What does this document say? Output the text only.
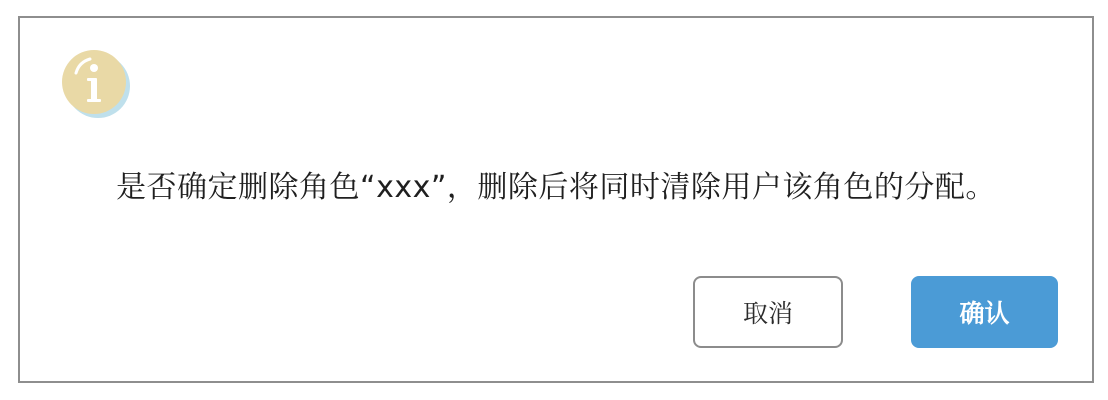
是否确定删除角色“xxx”，删除后将同时清除用户该角色的分配。
取消	确认
